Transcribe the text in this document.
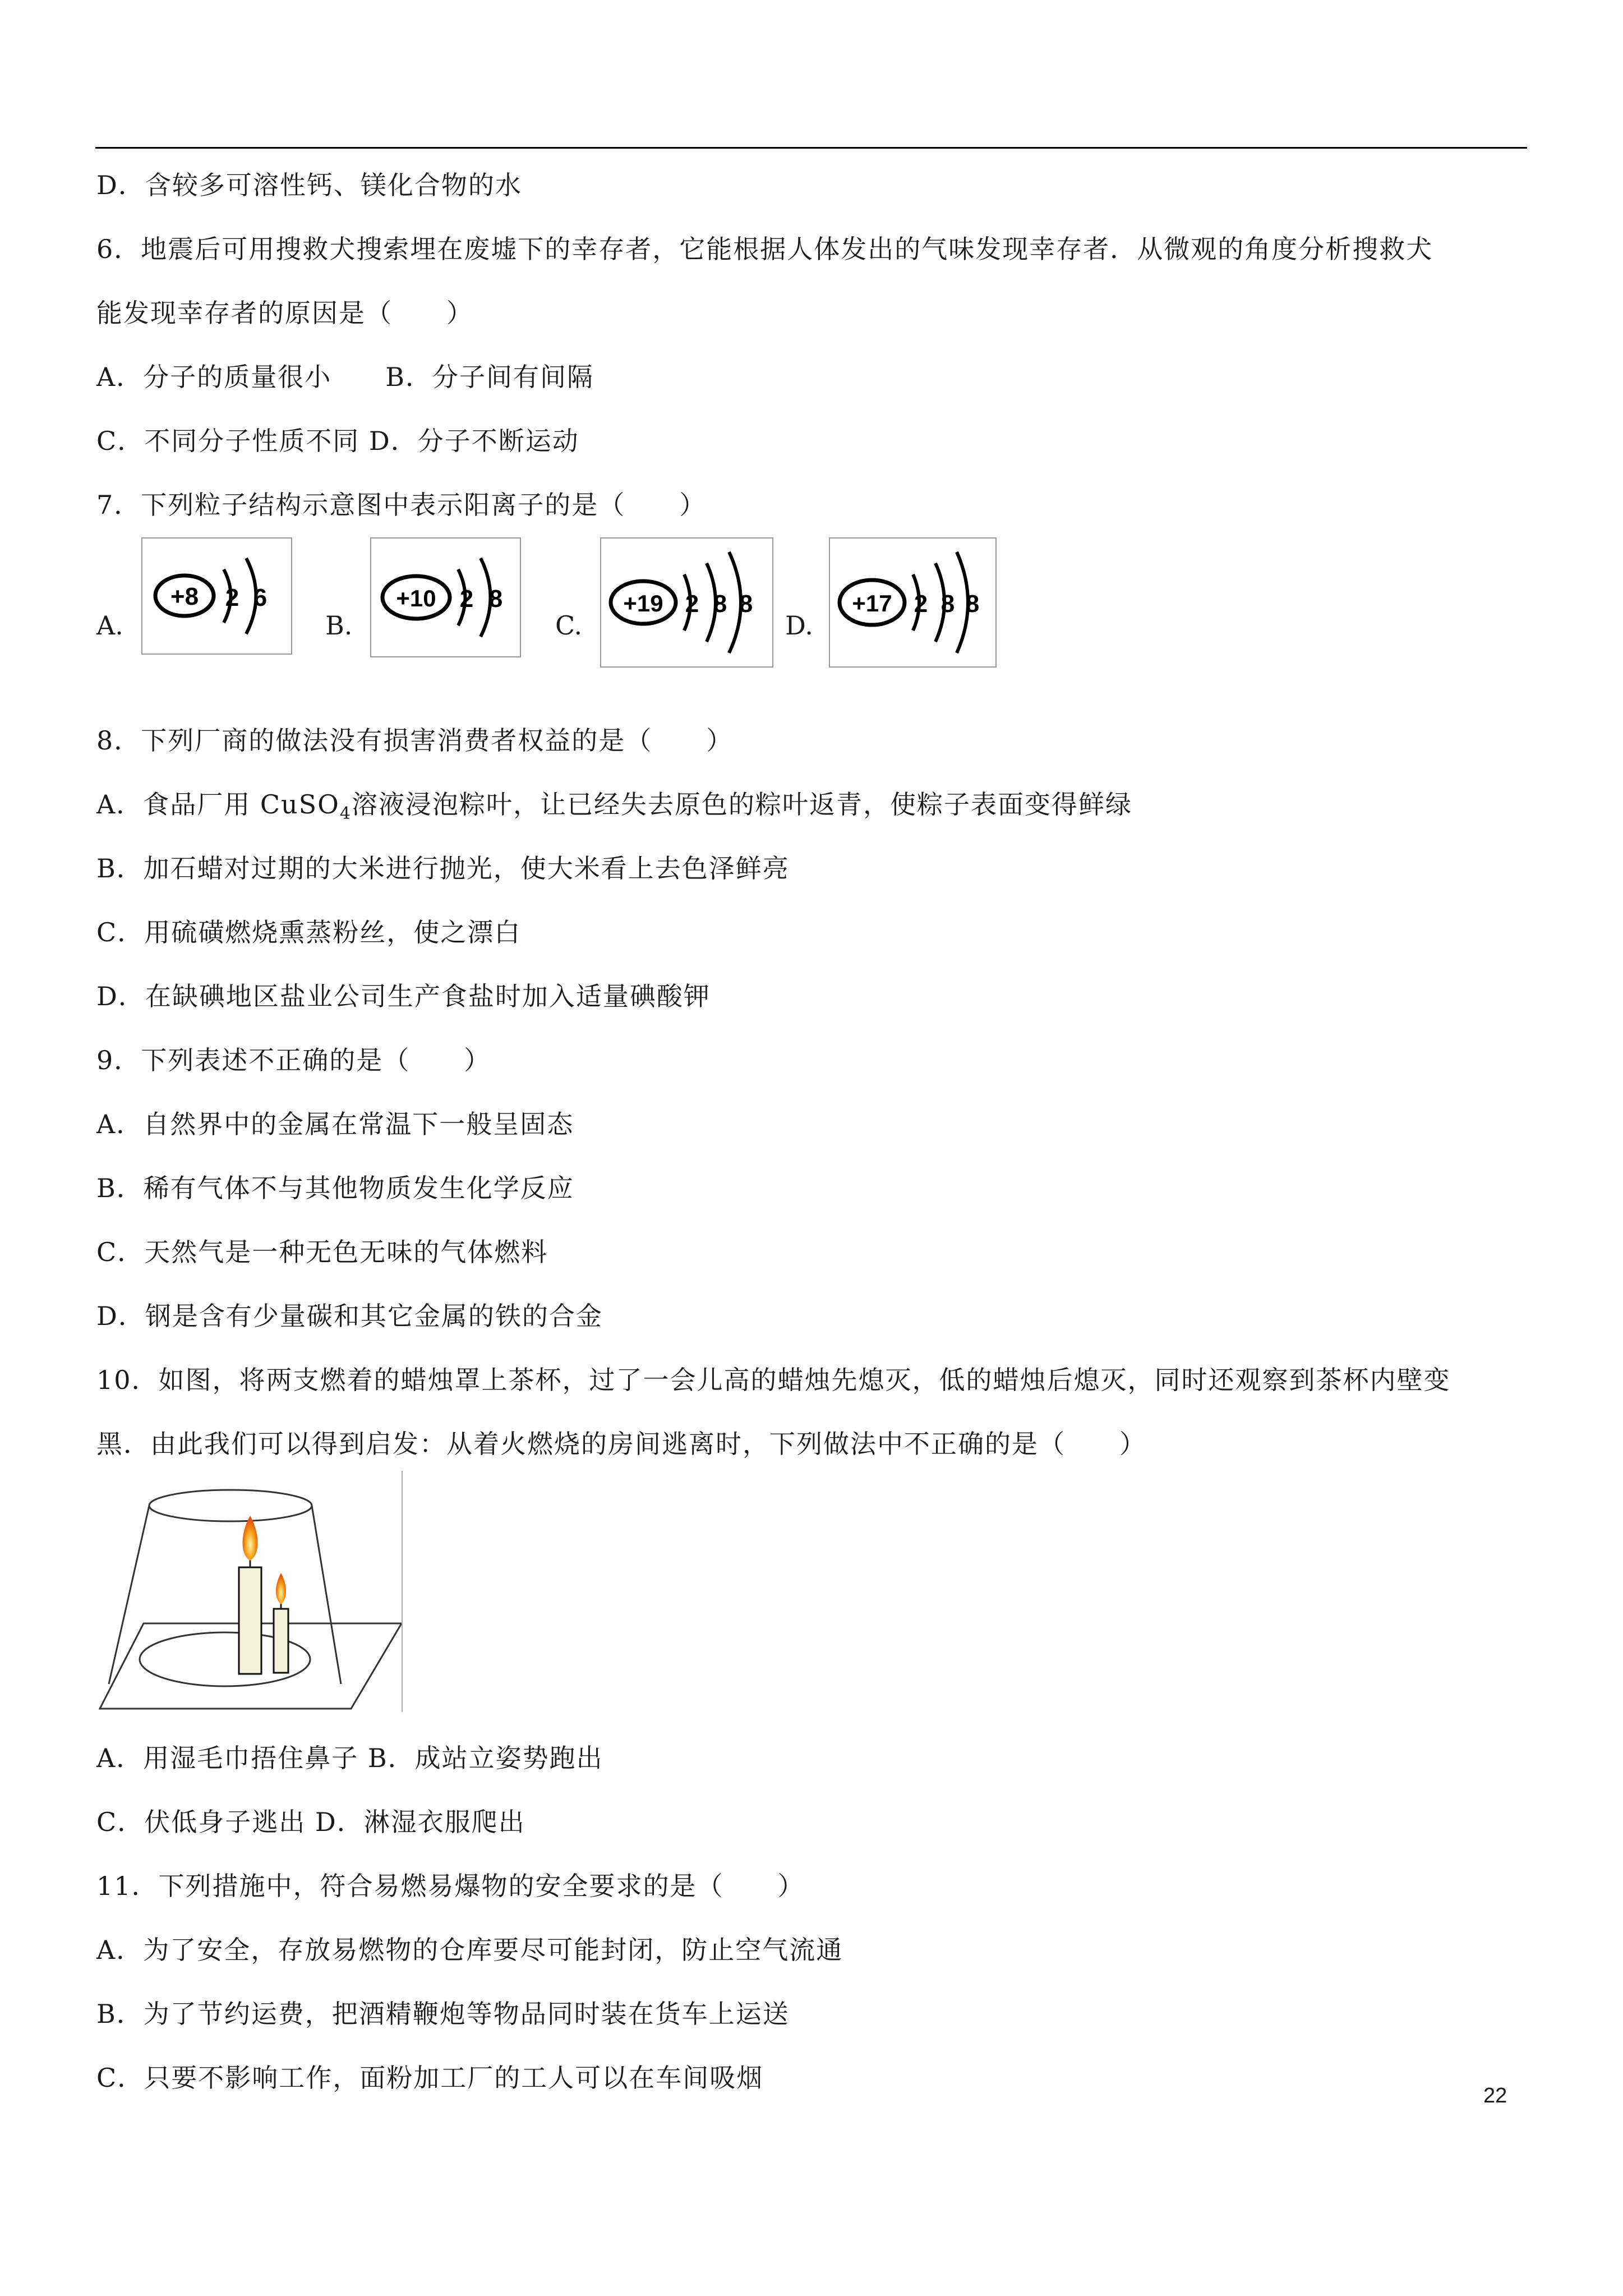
D．含较多可溶性钙、镁化合物的水
6．地震后可用搜救犬搜索埋在废墟下的幸存者，它能根据人体发出的气味发现幸存者．从微观的角度分析搜救犬
能发现幸存者的原因是（　　）
A．分子的质量很小　　B．分子间有间隔
C．不同分子性质不同 D．分子不断运动
7．下列粒子结构示意图中表示阳离子的是（　　）
A.
+8 2 6
B.
+10 2 8
C.
+19 2 8 8
D.
+17 2 8 8
8．下列厂商的做法没有损害消费者权益的是（　　）
A．食品厂用 CuSO$_4$溶液浸泡粽叶，让已经失去原色的粽叶返青，使粽子表面变得鲜绿
B．加石蜡对过期的大米进行抛光，使大米看上去色泽鲜亮
C．用硫磺燃烧熏蒸粉丝，使之漂白
D．在缺碘地区盐业公司生产食盐时加入适量碘酸钾
9．下列表述不正确的是（　　）
A．自然界中的金属在常温下一般呈固态
B．稀有气体不与其他物质发生化学反应
C．天然气是一种无色无味的气体燃料
D．钢是含有少量碳和其它金属的铁的合金
10．如图，将两支燃着的蜡烛罩上茶杯，过了一会儿高的蜡烛先熄灭，低的蜡烛后熄灭，同时还观察到茶杯内壁变
黑．由此我们可以得到启发：从着火燃烧的房间逃离时，下列做法中不正确的是（　　）
A．用湿毛巾捂住鼻子 B．成站立姿势跑出
C．伏低身子逃出 D．淋湿衣服爬出
11．下列措施中，符合易燃易爆物的安全要求的是（　　）
A．为了安全，存放易燃物的仓库要尽可能封闭，防止空气流通
B．为了节约运费，把酒精鞭炮等物品同时装在货车上运送
C．只要不影响工作，面粉加工厂的工人可以在车间吸烟
22
